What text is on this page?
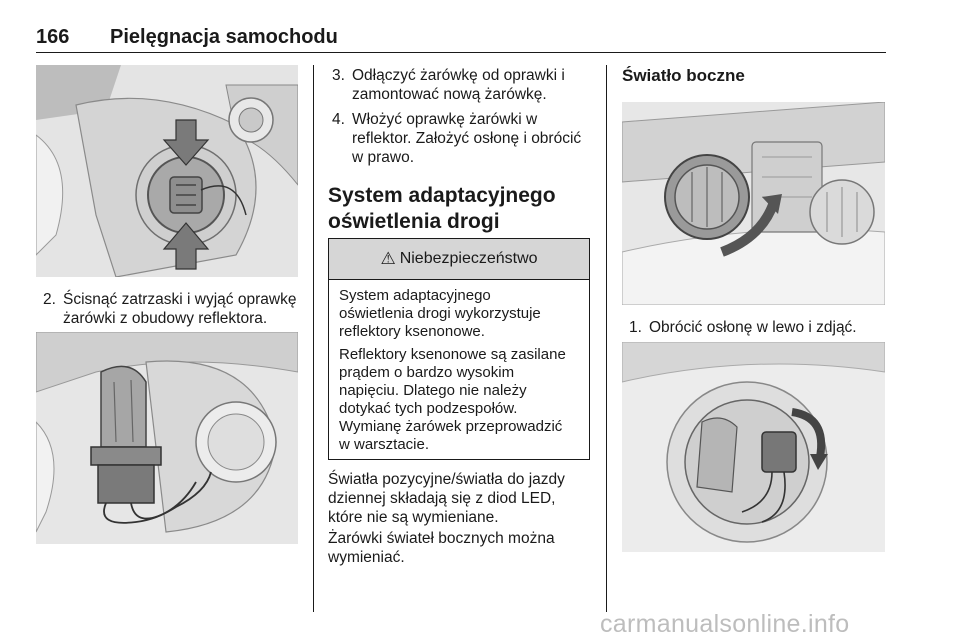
166 Pielęgnacja samochodu
2. Ścisnąć zatrzaski i wyjąć oprawkę
żarówki z obudowy reflektora.
3. Odłączyć żarówkę od oprawki i
zamontować nową żarówkę.
4. Włożyć oprawkę żarówki w
reflektor. Założyć osłonę i obrócić
w prawo.
System adaptacyjnego
oświetlenia drogi
⚠ Niebezpieczeństwo
System adaptacyjnego
oświetlenia drogi wykorzystuje
reflektory ksenonowe.
Reflektory ksenonowe są zasilane
prądem o bardzo wysokim
napięciu. Dlatego nie należy
dotykać tych podzespołów.
Wymianę żarówek przeprowadzić
w warsztacie.
Światła pozycyjne/światła do jazdy
dziennej składają się z diod LED,
które nie są wymieniane.
Żarówki świateł bocznych można
wymieniać.
Światło boczne
1. Obrócić osłonę w lewo i zdjąć.
carmanualsonline.info
